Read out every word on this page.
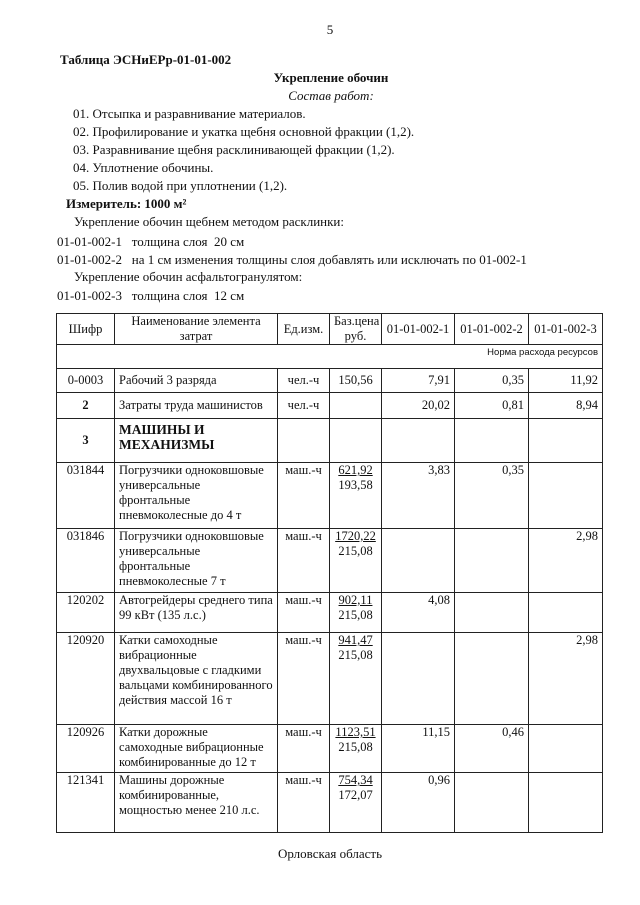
5
Таблица ЭСНиЕРр-01-01-002
Укрепление обочин
Состав работ:
01. Отсыпка и разравнивание материалов.
02. Профилирование и укатка щебня основной фракции (1,2).
03. Разравнивание щебня расклинивающей фракции (1,2).
04. Уплотнение обочины.
05. Полив водой при уплотнении (1,2).
Измеритель: 1000 м²
Укрепление обочин щебнем методом расклинки:
01-01-002-1   толщина слоя  20 см
01-01-002-2   на 1 см изменения толщины слоя добавлять или исключать по 01-002-1
Укрепление обочин асфальтогранулятом:
01-01-002-3   толщина слоя  12 см
Шифр	Наименование элемента затрат	Ед.изм.	Баз.цена руб.	01-01-002-1	01-01-002-2	01-01-002-3
Норма расхода ресурсов						
0-0003	Рабочий 3 разряда	чел.-ч	150,56	7,91	0,35	11,92
2	Затраты труда машинистов	чел.-ч		20,02	0,81	8,94
3	МАШИНЫ И МЕХАНИЗМЫ					
031844	Погрузчики одноковшовые универсальные фронтальные пневмоколесные до 4 т	маш.-ч	621,92
193,58	3,83	0,35	
031846	Погрузчики одноковшовые универсальные фронтальные пневмоколесные 7 т	маш.-ч	1720,22
215,08			2,98
120202	Автогрейдеры среднего типа 99 кВт (135 л.с.)	маш.-ч	902,11
215,08	4,08		
120920	Катки самоходные вибрационные двухвальцовые с гладкими вальцами комбинированного действия массой 16 т	маш.-ч	941,47
215,08			2,98
120926	Катки дорожные самоходные вибрационные комбинированные до 12 т	маш.-ч	1123,51
215,08	11,15	0,46	
121341	Машины дорожные комбинированные, мощностью менее 210 л.с.	маш.-ч	754,34
172,07	0,96		
Орловская область
